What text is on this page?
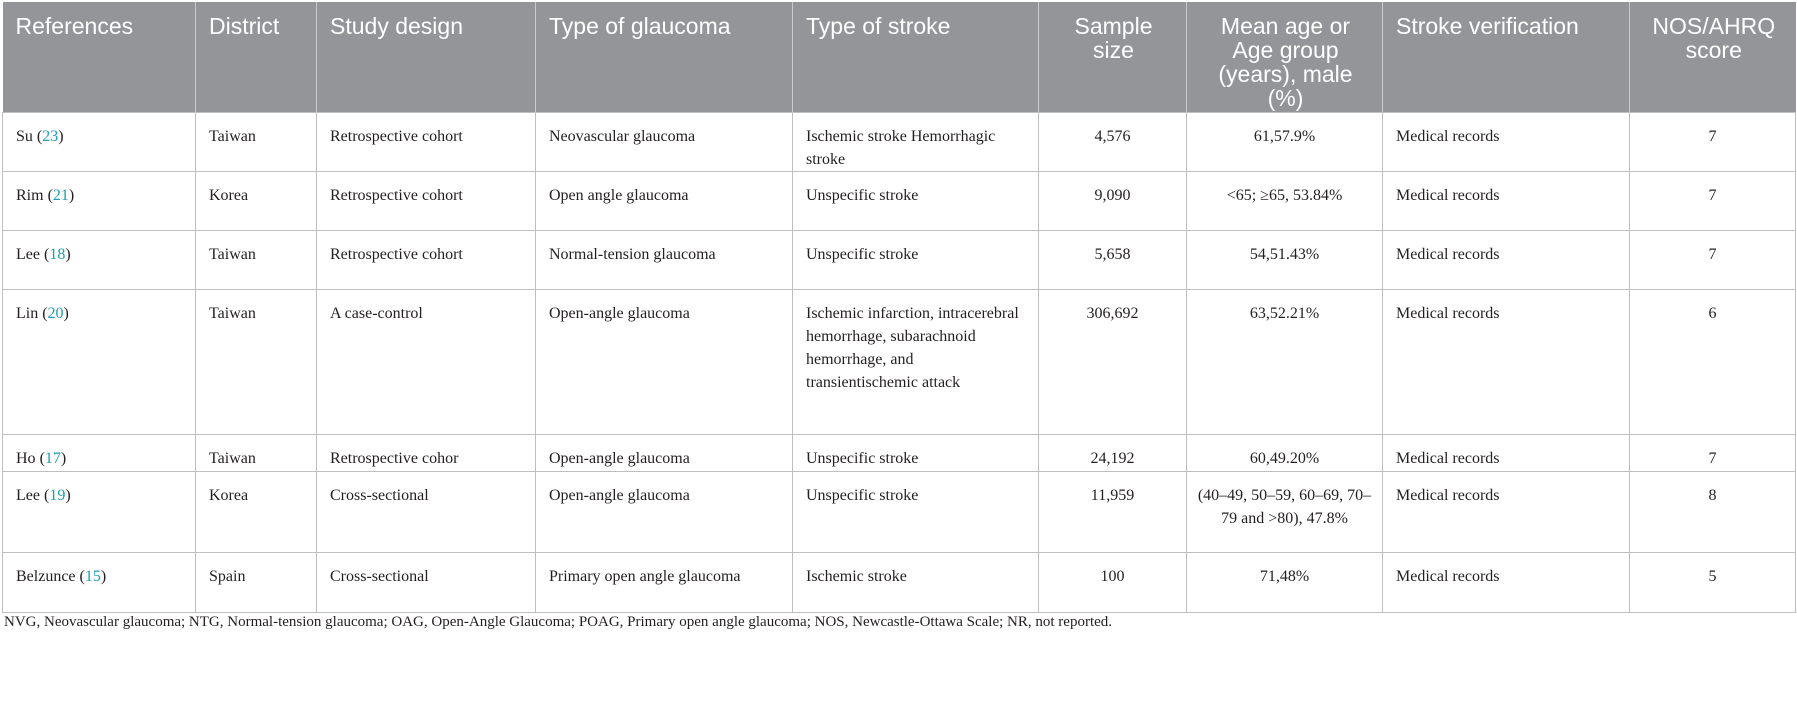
References	District	Study design	Type of glaucoma	Type of stroke	Sample size	Mean age or Age group (years), male (%)	Stroke verification	NOS/AHRQ score
Su (23)	Taiwan	Retrospective cohort	Neovascular glaucoma	Ischemic stroke Hemorrhagic stroke	4,576	61,57.9%	Medical records	7
Rim (21)	Korea	Retrospective cohort	Open angle glaucoma	Unspecific stroke	9,090	<65; ≥65, 53.84%	Medical records	7
Lee (18)	Taiwan	Retrospective cohort	Normal-tension glaucoma	Unspecific stroke	5,658	54,51.43%	Medical records	7
Lin (20)	Taiwan	A case-control	Open-angle glaucoma	Ischemic infarction, intracerebral hemorrhage, subarachnoid hemorrhage, and transientischemic attack	306,692	63,52.21%	Medical records	6
Ho (17)	Taiwan	Retrospective cohor	Open-angle glaucoma	Unspecific stroke	24,192	60,49.20%	Medical records	7
Lee (19)	Korea	Cross-sectional	Open-angle glaucoma	Unspecific stroke	11,959	(40–49, 50–59, 60–69, 70–79 and >80), 47.8%	Medical records	8
Belzunce (15)	Spain	Cross-sectional	Primary open angle glaucoma	Ischemic stroke	100	71,48%	Medical records	5
NVG, Neovascular glaucoma; NTG, Normal-tension glaucoma; OAG, Open-Angle Glaucoma; POAG, Primary open angle glaucoma; NOS, Newcastle-Ottawa Scale; NR, not reported.
